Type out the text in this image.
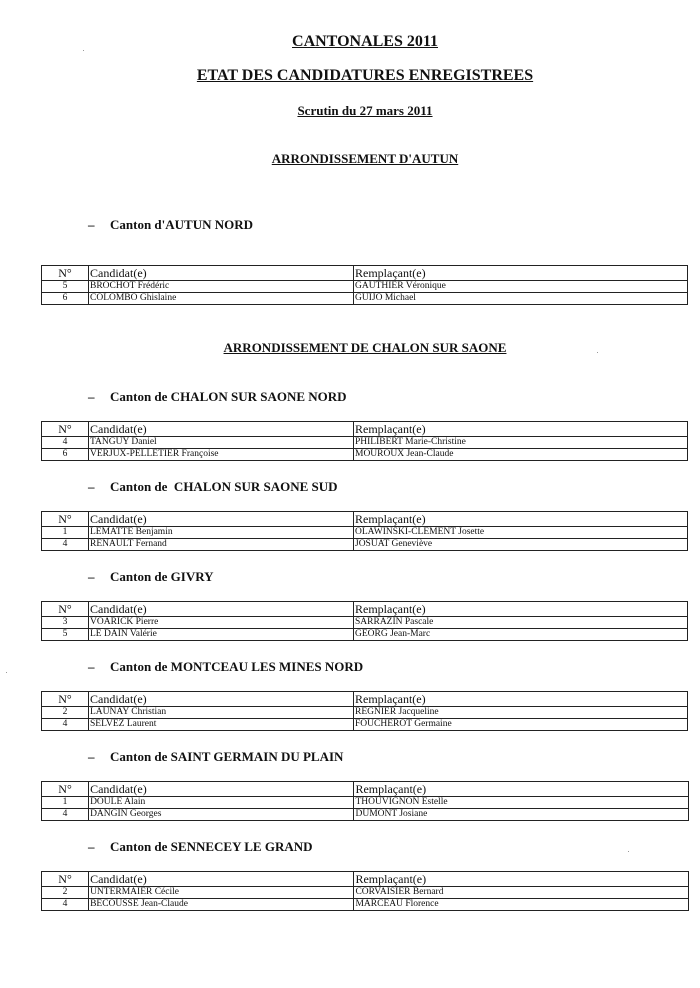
CANTONALES 2011
ETAT DES CANDIDATURES ENREGISTREES
Scrutin du 27 mars 2011
ARRONDISSEMENT D'AUTUN

– Canton d'AUTUN NORD

N°	Candidat(e)	Remplaçant(e)
5	BROCHOT Frédéric	GAUTHIER Véronique
6	COLOMBO Ghislaine	GUIJO Michael
ARRONDISSEMENT DE CHALON SUR SAONE

– Canton de CHALON SUR SAONE NORD

N°	Candidat(e)	Remplaçant(e)
4	TANGUY Daniel	PHILIBERT Marie-Christine
6	VERJUX-PELLETIER Françoise	MOUROUX Jean-Claude

– Canton de  CHALON SUR SAONE SUD

N°	Candidat(e)	Remplaçant(e)
1	LEMATTE Benjamin	OLAWINSKI-CLEMENT Josette
4	RENAULT Fernand	JOSUAT Geneviève

– Canton de GIVRY

N°	Candidat(e)	Remplaçant(e)
3	VOARICK Pierre	SARRAZIN Pascale
5	LE DAIN Valérie	GEORG Jean-Marc

– Canton de MONTCEAU LES MINES NORD

N°	Candidat(e)	Remplaçant(e)
2	LAUNAY Christian	REGNIER Jacqueline
4	SELVEZ Laurent	FOUCHEROT Germaine

– Canton de SAINT GERMAIN DU PLAIN

N°	Candidat(e)	Remplaçant(e)
1	DOULE Alain	THOUVIGNON Estelle
4	DANGIN Georges	DUMONT Josiane

– Canton de SENNECEY LE GRAND

N°	Candidat(e)	Remplaçant(e)
2	UNTERMAIER Cécile	CORVAISIER Bernard
4	BECOUSSE Jean-Claude	MARCEAU Florence
